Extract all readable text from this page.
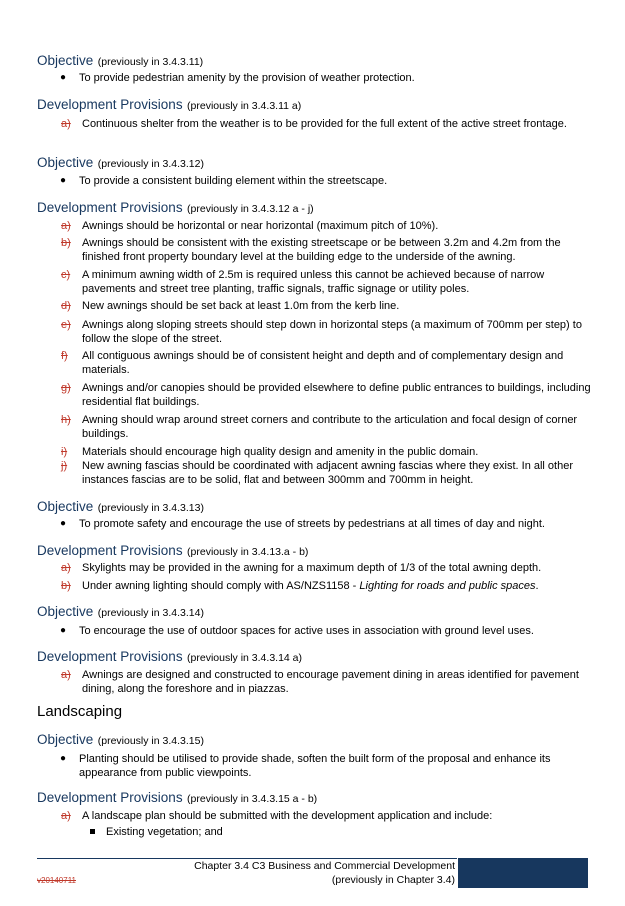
Objective (previously in 3.4.3.11)
● To provide pedestrian amenity by the provision of weather protection.
Development Provisions (previously in 3.4.3.11 a)
a) Continuous shelter from the weather is to be provided for the full extent of the active street frontage.
Objective (previously in 3.4.3.12)
● To provide a consistent building element within the streetscape.
Development Provisions (previously in 3.4.3.12 a - j)
a) Awnings should be horizontal or near horizontal (maximum pitch of 10%).
b) Awnings should be consistent with the existing streetscape or be between 3.2m and 4.2m from the finished front property boundary level at the building edge to the underside of the awning.
c) A minimum awning width of 2.5m is required unless this cannot be achieved because of narrow pavements and street tree planting, traffic signals, traffic signage or utility poles.
d) New awnings should be set back at least 1.0m from the kerb line.
e) Awnings along sloping streets should step down in horizontal steps (a maximum of 700mm per step) to follow the slope of the street.
f) All contiguous awnings should be of consistent height and depth and of complementary design and materials.
g) Awnings and/or canopies should be provided elsewhere to define public entrances to buildings, including residential flat buildings.
h) Awning should wrap around street corners and contribute to the articulation and focal design of corner buildings.
i) Materials should encourage high quality design and amenity in the public domain.
j) New awning fascias should be coordinated with adjacent awning fascias where they exist. In all other instances fascias are to be solid, flat and between 300mm and 700mm in height.
Objective (previously in 3.4.3.13)
● To promote safety and encourage the use of streets by pedestrians at all times of day and night.
Development Provisions (previously in 3.4.13.a - b)
a) Skylights may be provided in the awning for a maximum depth of 1/3 of the total awning depth.
b) Under awning lighting should comply with AS/NZS1158 - Lighting for roads and public spaces.
Objective (previously in 3.4.3.14)
● To encourage the use of outdoor spaces for active uses in association with ground level uses.
Development Provisions (previously in 3.4.3.14 a)
a) Awnings are designed and constructed to encourage pavement dining in areas identified for pavement dining, along the foreshore and in piazzas.
Landscaping
Objective (previously in 3.4.3.15)
● Planting should be utilised to provide shade, soften the built form of the proposal and enhance its appearance from public viewpoints.
Development Provisions (previously in 3.4.3.15 a - b)
a) A landscape plan should be submitted with the development application and include:
Existing vegetation; and
Chapter 3.4 C3 Business and Commercial Development
(previously in Chapter 3.4)
v20140711
